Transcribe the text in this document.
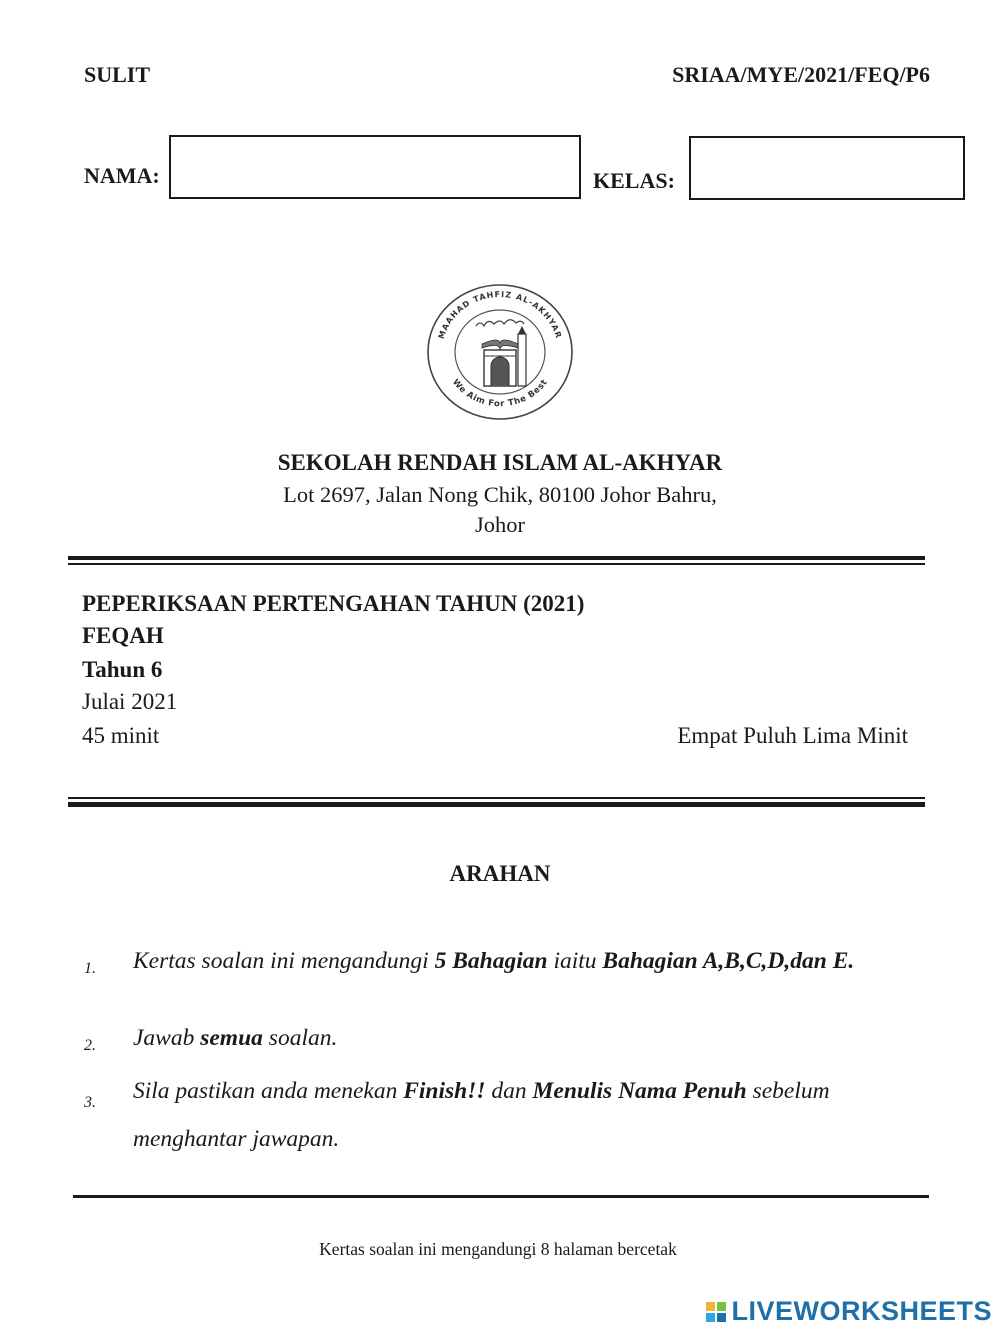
SULIT	SRIAA/MYE/2021/FEQ/P6
NAMA:	KELAS:
MAAHAD TAHFIZ AL-AKHYAR
We Aim For The Best
SEKOLAH RENDAH ISLAM AL-AKHYAR
Lot 2697, Jalan Nong Chik, 80100 Johor Bahru,
Johor
PEPERIKSAAN PERTENGAHAN TAHUN (2021)
FEQAH
Tahun 6
Julai 2021
45 minit	Empat Puluh Lima Minit
ARAHAN
1. Kertas soalan ini mengandungi 5 Bahagian iaitu Bahagian A,B,C,D,dan E.
2. Jawab semua soalan.
3. Sila pastikan anda menekan Finish!! dan Menulis Nama Penuh sebelum menghantar jawapan.
Kertas soalan ini mengandungi 8 halaman bercetak
LIVEWORKSHEETS
